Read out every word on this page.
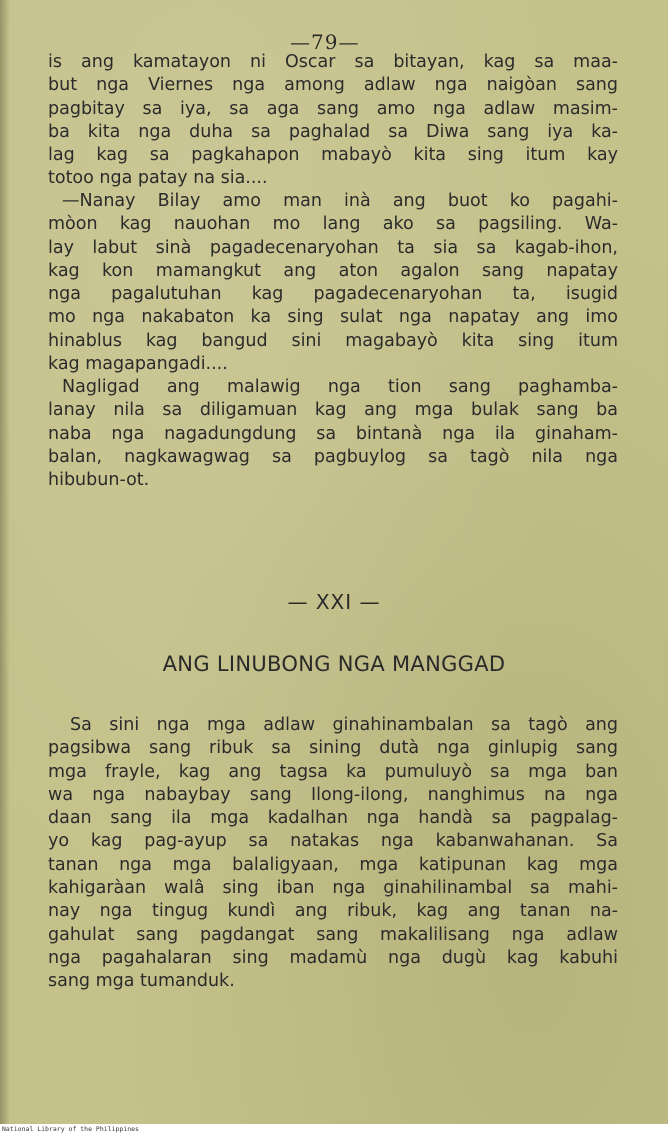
—79—
is ang kamatayon ni Oscar sa bitayan, kag sa maa-
but nga Viernes nga among adlaw nga naigòan sang
pagbitay sa iya, sa aga sang amo nga adlaw masim-
ba kita nga duha sa paghalad sa Diwa sang iya ka-
lag kag sa pagkahapon mabayò kita sing itum kay
totoo nga patay na sia....
—Nanay Bilay amo man inà ang buot ko pagahi-
mòon kag nauohan mo lang ako sa pagsiling. Wa-
lay labut sinà pagadecenaryohan ta sia sa kagab-ihon,
kag kon mamangkut ang aton agalon sang napatay
nga pagalutuhan kag pagadecenaryohan ta, isugid
mo nga nakabaton ka sing sulat nga napatay ang imo
hinablus kag bangud sini magabayò kita sing itum
kag magapangadi....
Nagligad ang malawig nga tion sang paghamba-
lanay nila sa diligamuan kag ang mga bulak sang ba
naba nga nagadungdung sa bintanà nga ila ginaham-
balan, nagkawagwag sa pagbuylog sa tagò nila nga
hibubun-ot.
— XXI —
ANG LINUBONG NGA MANGGAD
Sa sini nga mga adlaw ginahinambalan sa tagò ang
pagsibwa sang ribuk sa sining dutà nga ginlupig sang
mga frayle, kag ang tagsa ka pumuluyò sa mga ban
wa nga nabaybay sang Ilong-ilong, nanghimus na nga
daan sang ila mga kadalhan nga handà sa pagpalag-
yo kag pag-ayup sa natakas nga kabanwahanan. Sa
tanan nga mga balaligyaan, mga katipunan kag mga
kahigaràan walâ sing iban nga ginahilinambal sa mahi-
nay nga tingug kundì ang ribuk, kag ang tanan na-
gahulat sang pagdangat sang makalilisang nga adlaw
nga pagahalaran sing madamù nga dugù kag kabuhi
sang mga tumanduk.
National Library of the Philippines
